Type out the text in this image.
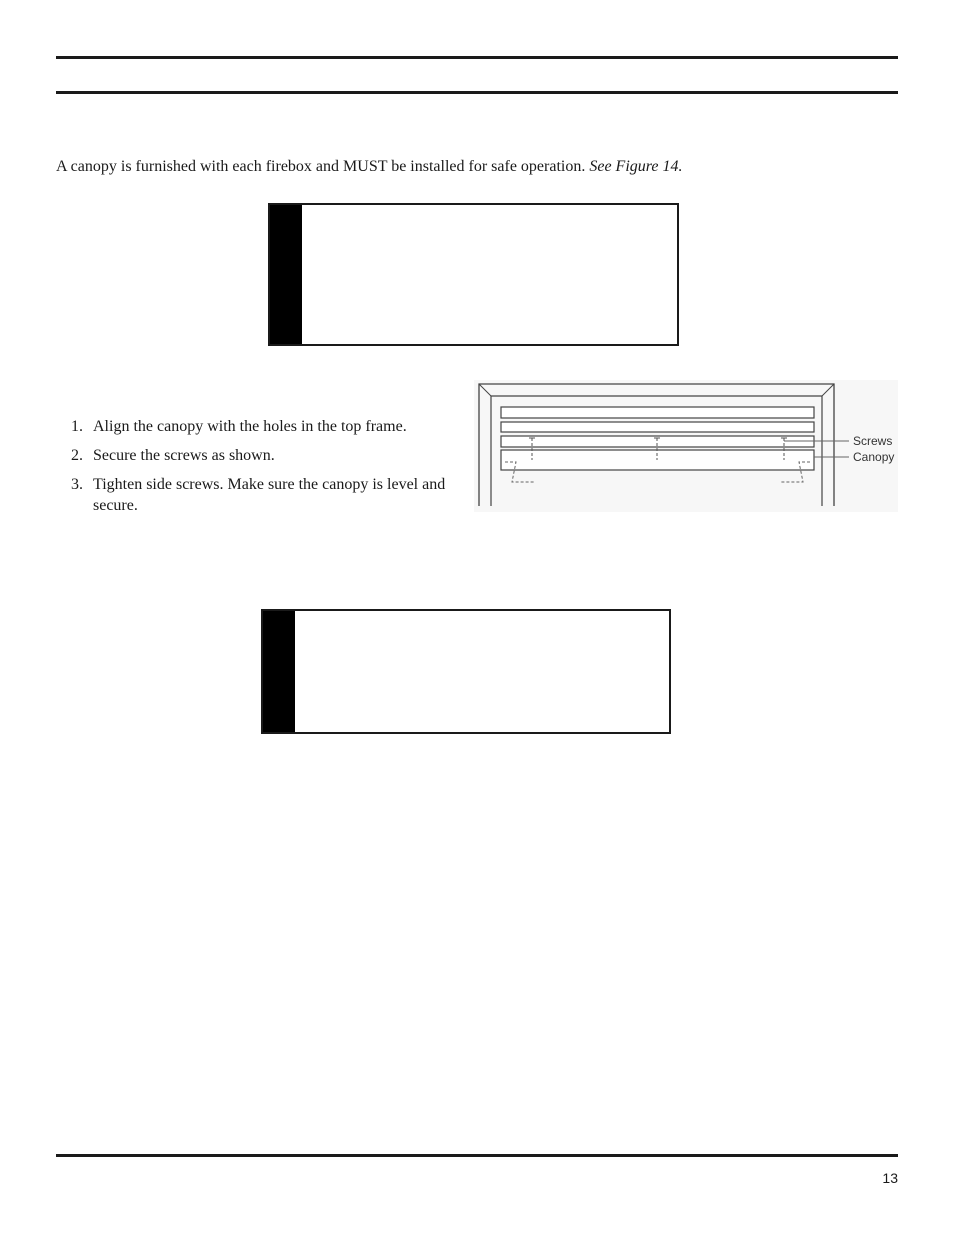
A canopy is furnished with each firebox and MUST be installed for safe operation. See Figure 14.

1. Align the canopy with the holes in the top frame.
2. Secure the screws as shown.
3. Tighten side screws. Make sure the canopy is level and secure.
Screws
Canopy
13
